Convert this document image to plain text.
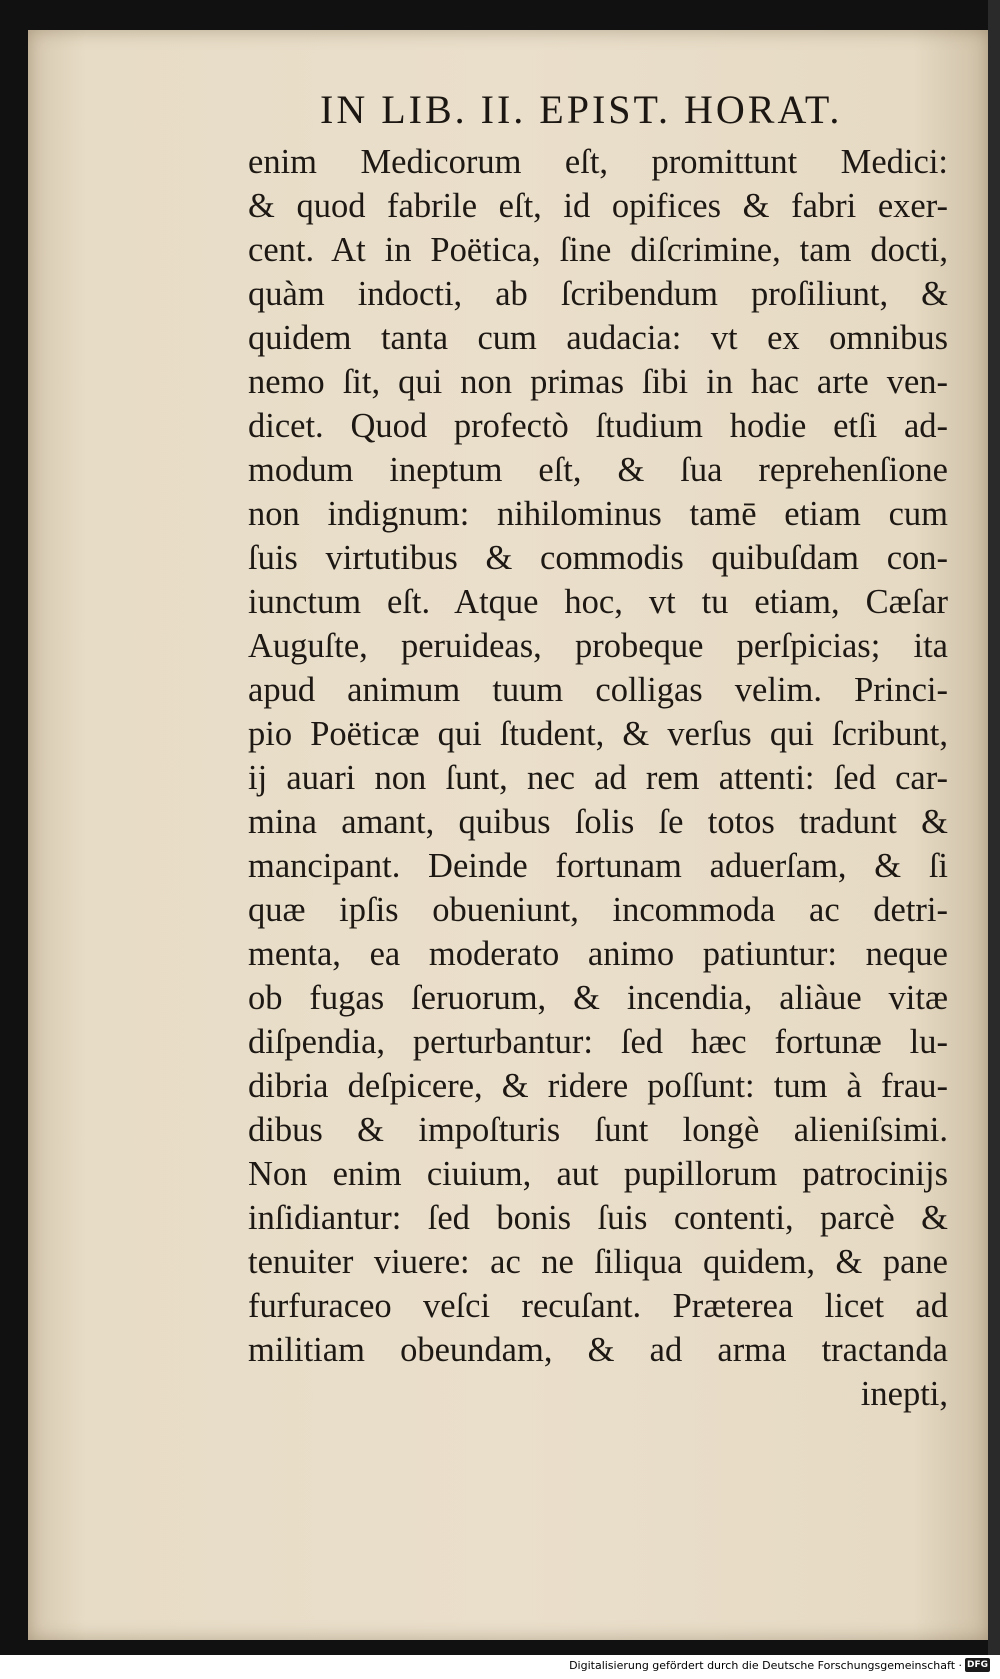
IN LIB. II. EPIST. HORAT.
enim Medicorum eſt, promittunt Medici:
& quod fabrile eſt, id opifices & fabri exer-
cent. At in Poëtica, ſine diſcrimine, tam docti,
quàm indocti, ab ſcribendum proſiliunt, &
quidem tanta cum audacia: vt ex omnibus
nemo ſit, qui non primas ſibi in hac arte ven-
dicet. Quod profectò ſtudium hodie etſi ad-
modum ineptum eſt, & ſua reprehenſione
non indignum: nihilominus tamē etiam cum
ſuis virtutibus & commodis quibuſdam con-
iunctum eſt. Atque hoc, vt tu etiam, Cæſar
Auguſte, peruideas, probeque perſpicias; ita
apud animum tuum colligas velim. Princi-
pio Poëticæ qui ſtudent, & verſus qui ſcribunt,
ij auari non ſunt, nec ad rem attenti: ſed car-
mina amant, quibus ſolis ſe totos tradunt &
mancipant. Deinde fortunam aduerſam, & ſi
quæ ipſis obueniunt, incommoda ac detri-
menta, ea moderato animo patiuntur: neque
ob fugas ſeruorum, & incendia, aliàue vitæ
diſpendia, perturbantur: ſed hæc fortunæ lu-
dibria deſpicere, & ridere poſſunt: tum à frau-
dibus & impoſturis ſunt longè alieniſsimi.
Non enim ciuium, aut pupillorum patrocinijs
inſidiantur: ſed bonis ſuis contenti, parcè &
tenuiter viuere: ac ne ſiliqua quidem, & pane
furfuraceo veſci recuſant. Præterea licet ad
militiam obeundam, & ad arma tractanda
inepti,
Digitalisierung gefördert durch die Deutsche Forschungsgemeinschaft · DFG
